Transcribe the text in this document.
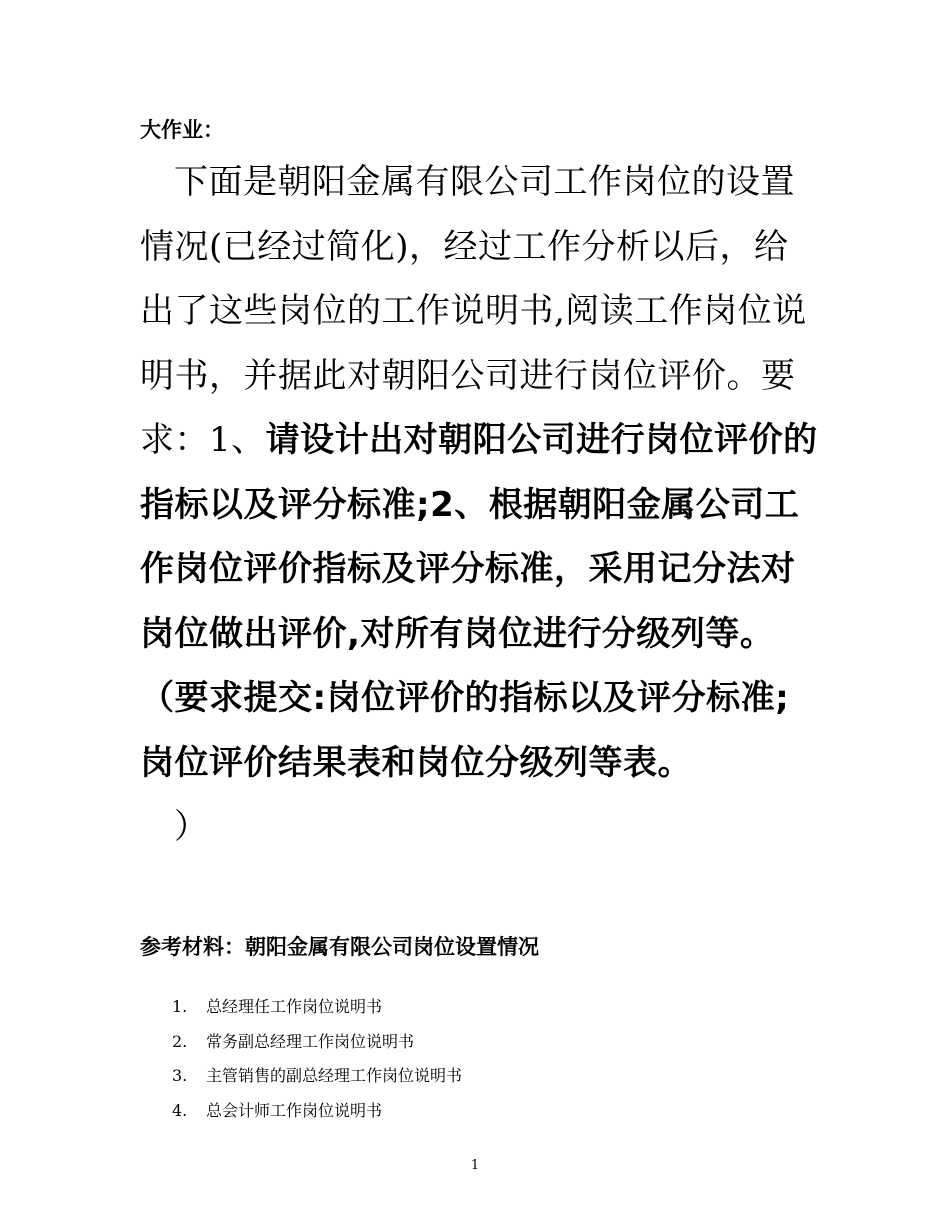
大作业：

下面是朝阳金属有限公司工作岗位的设置情况(已经过简化)，经过工作分析以后，给出了这些岗位的工作说明书,阅读工作岗位说明书，并据此对朝阳公司进行岗位评价。要求：1、请设计出对朝阳公司进行岗位评价的指标以及评分标准;2、根据朝阳金属公司工作岗位评价指标及评分标准，采用记分法对岗位做出评价,对所有岗位进行分级列等。（要求提交:岗位评价的指标以及评分标准;岗位评价结果表和岗位分级列等表。
）

参考材料：朝阳金属有限公司岗位设置情况
1. 总经理任工作岗位说明书
2. 常务副总经理工作岗位说明书
3. 主管销售的副总经理工作岗位说明书
4. 总会计师工作岗位说明书
1
